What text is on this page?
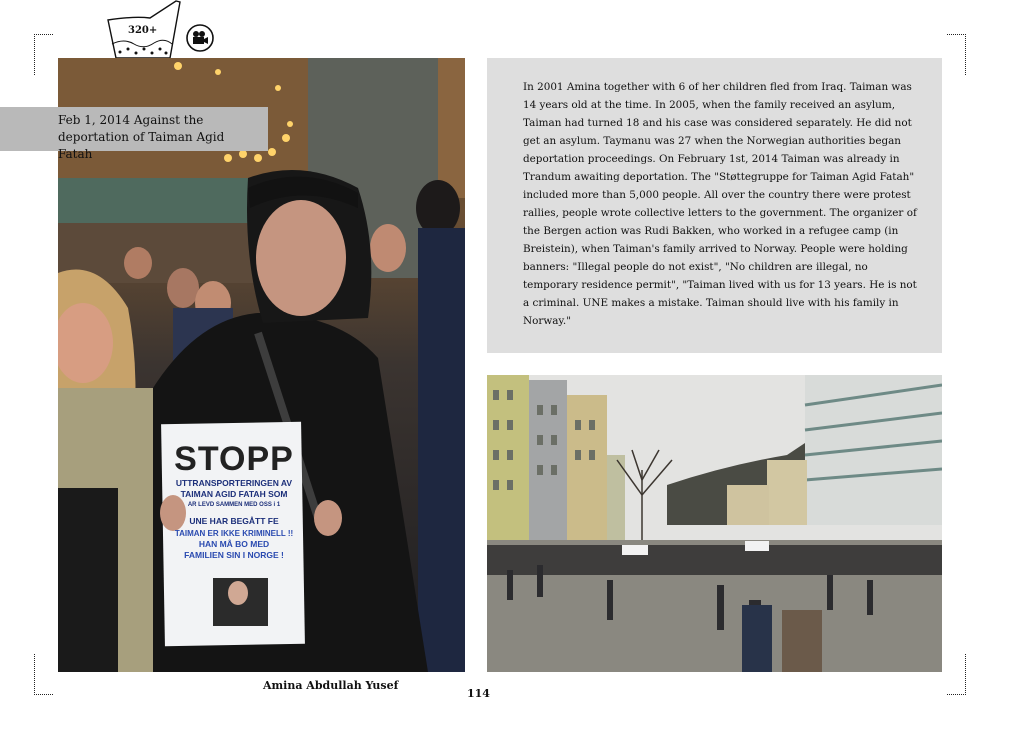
320+
STOPP
UTTRANSPORTERINGEN AV
TAIMAN AGID FATAH SOM
AR LEVD SAMMEN MED OSS i 1
UNE HAR BEGÅTT FE
TAIMAN ER IKKE KRIMINELL !!
HAN MÅ BO MED
FAMILIEN SIN I NORGE !
Feb 1, 2014 Against the deportation of Taiman Agid Fatah
In 2001 Amina together with 6 of her children fled from Iraq. Taiman was 14 years old at the time. In 2005, when the family received an asylum, Taiman had turned 18 and his case was considered separately. He did not get an asylum. Taymanu was 27 when the Norwegian authorities began deportation proceedings. On February 1st, 2014 Taiman was already in Trandum awaiting deportation. The "Støttegruppe for Taiman Agid Fatah" included more than 5,000 people. All over the country there were protest rallies, people wrote collective letters to the government. The organizer of the Bergen action was Rudi Bakken, who worked in a refugee camp (in Breistein), when Taiman's family arrived to Norway. People were holding banners: "Illegal people do not exist", "No children are illegal, no temporary residence permit", "Taiman lived with us for 13 years. He is not a criminal. UNE makes a mistake. Taiman should live with his family in Norway."
Amina Abdullah Yusef
114
